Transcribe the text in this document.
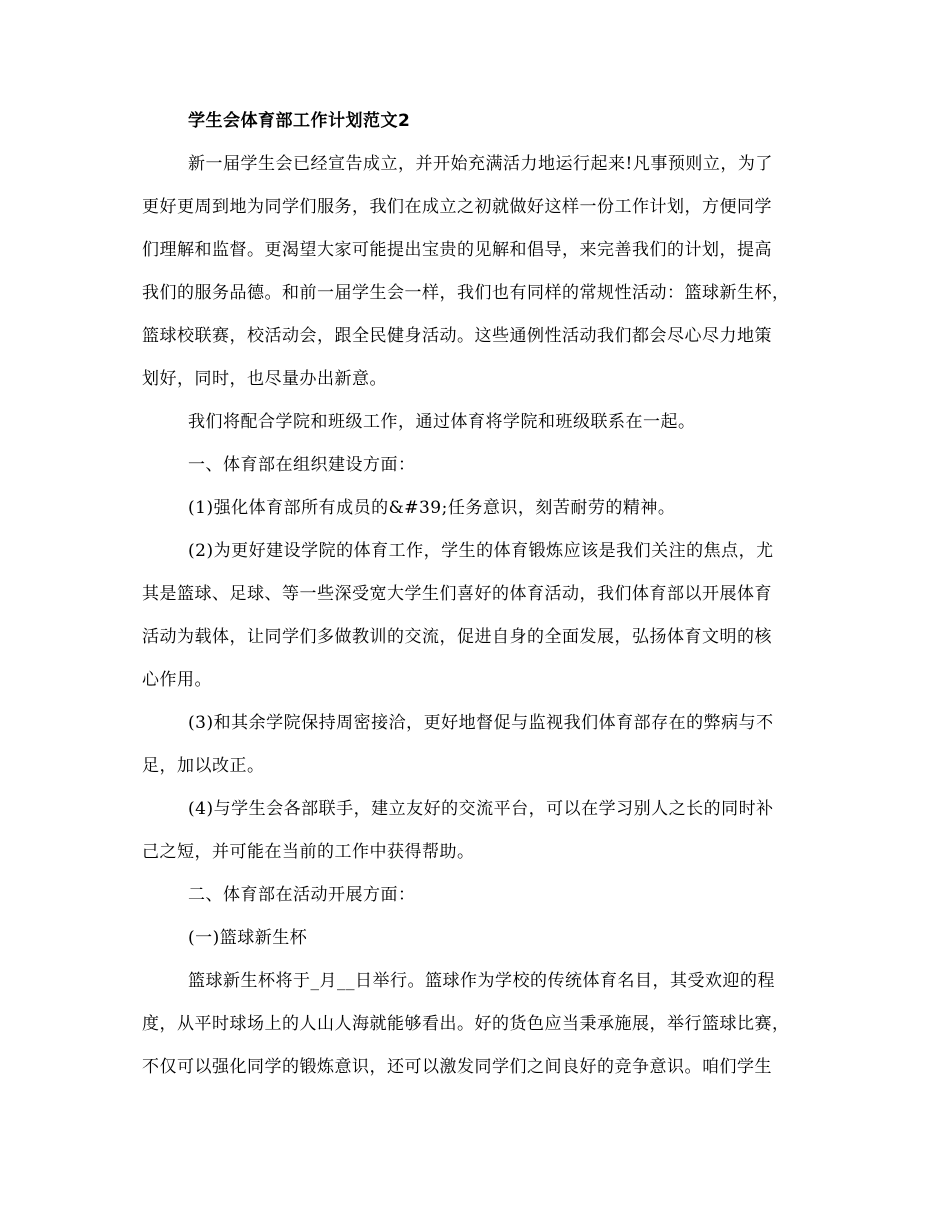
学生会体育部工作计划范文2
新一届学生会已经宣告成立，并开始充满活力地运行起来!凡事预则立，为了
更好更周到地为同学们服务，我们在成立之初就做好这样一份工作计划，方便同学
们理解和监督。更渴望大家可能提出宝贵的见解和倡导，来完善我们的计划，提高
我们的服务品德。和前一届学生会一样，我们也有同样的常规性活动：篮球新生杯，
篮球校联赛，校活动会，跟全民健身活动。这些通例性活动我们都会尽心尽力地策
划好，同时，也尽量办出新意。
我们将配合学院和班级工作，通过体育将学院和班级联系在一起。
一、体育部在组织建设方面：
(1)强化体育部所有成员的&#39;任务意识，刻苦耐劳的精神。
(2)为更好建设学院的体育工作，学生的体育锻炼应该是我们关注的焦点，尤
其是篮球、足球、等一些深受宽大学生们喜好的体育活动，我们体育部以开展体育
活动为载体，让同学们多做教训的交流，促进自身的全面发展，弘扬体育文明的核
心作用。
(3)和其余学院保持周密接洽，更好地督促与监视我们体育部存在的弊病与不
足，加以改正。
(4)与学生会各部联手，建立友好的交流平台，可以在学习别人之长的同时补
己之短，并可能在当前的工作中获得帮助。
二、体育部在活动开展方面：
(一)篮球新生杯
篮球新生杯将于_月__日举行。篮球作为学校的传统体育名目，其受欢迎的程
度，从平时球场上的人山人海就能够看出。好的货色应当秉承施展，举行篮球比赛，
不仅可以强化同学的锻炼意识，还可以激发同学们之间良好的竞争意识。咱们学生
